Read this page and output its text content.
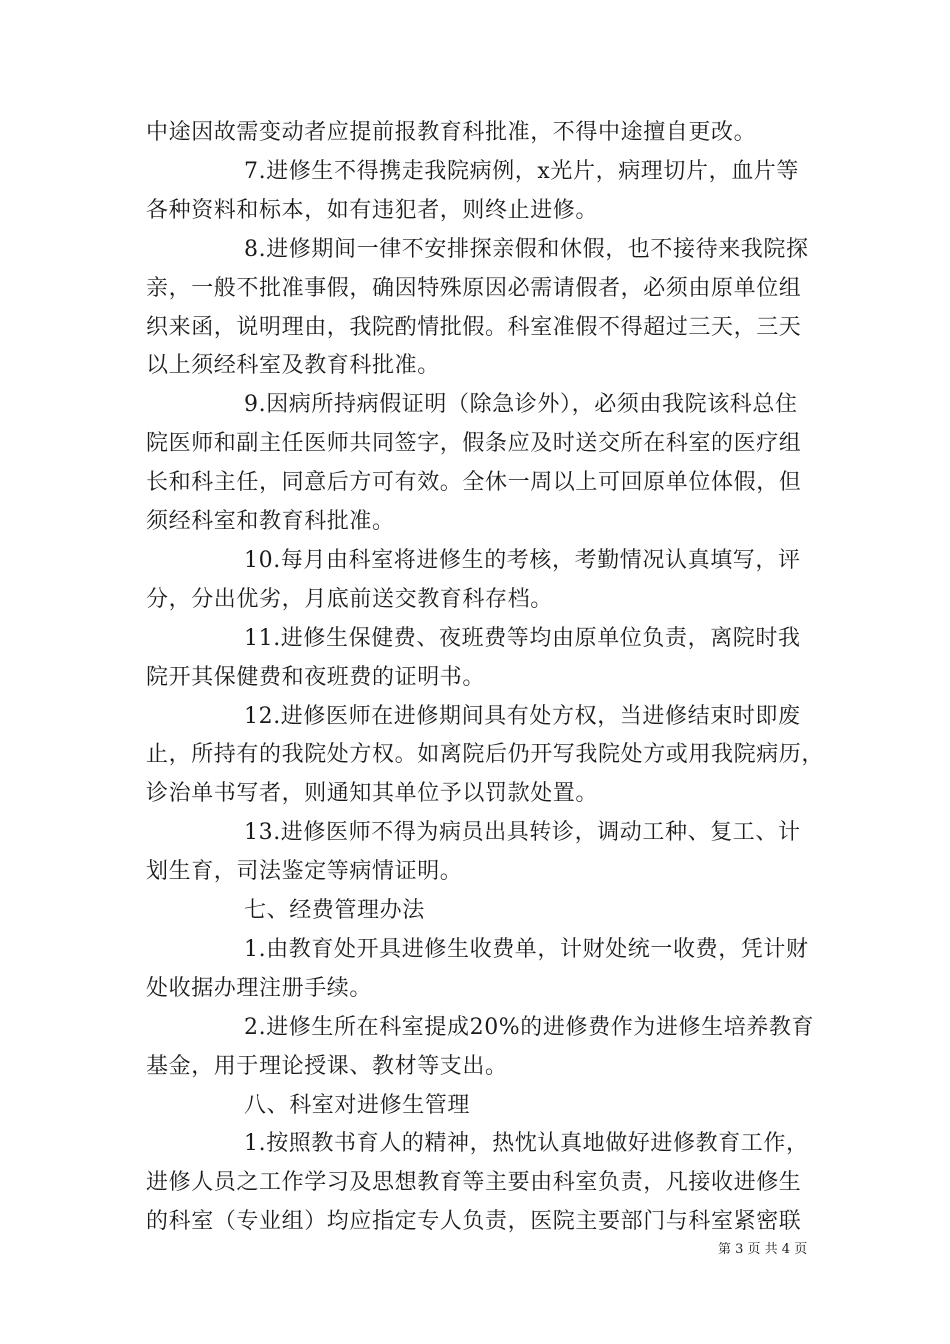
中途因故需变动者应提前报教育科批准，不得中途擅自更改。
7.进修生不得携走我院病例，x光片，病理切片，血片等
各种资料和标本，如有违犯者，则终止进修。
8.进修期间一律不安排探亲假和休假，也不接待来我院探
亲，一般不批准事假，确因特殊原因必需请假者，必须由原单位组
织来函，说明理由，我院酌情批假。科室准假不得超过三天，三天
以上须经科室及教育科批准。
9.因病所持病假证明（除急诊外），必须由我院该科总住
院医师和副主任医师共同签字，假条应及时送交所在科室的医疗组
长和科主任，同意后方可有效。全休一周以上可回原单位体假，但
须经科室和教育科批准。
10.每月由科室将进修生的考核，考勤情况认真填写，评
分，分出优劣，月底前送交教育科存档。
11.进修生保健费、夜班费等均由原单位负责，离院时我
院开其保健费和夜班费的证明书。
12.进修医师在进修期间具有处方权，当进修结束时即废
止，所持有的我院处方权。如离院后仍开写我院处方或用我院病历，
诊治单书写者，则通知其单位予以罚款处置。
13.进修医师不得为病员出具转诊，调动工种、复工、计
划生育，司法鉴定等病情证明。
七、经费管理办法
1.由教育处开具进修生收费单，计财处统一收费，凭计财
处收据办理注册手续。
2.进修生所在科室提成20%的进修费作为进修生培养教育
基金，用于理论授课、教材等支出。
八、科室对进修生管理
1.按照教书育人的精神，热忱认真地做好进修教育工作，
进修人员之工作学习及思想教育等主要由科室负责，凡接收进修生
的科室（专业组）均应指定专人负责，医院主要部门与科室紧密联
第 3 页 共 4 页
